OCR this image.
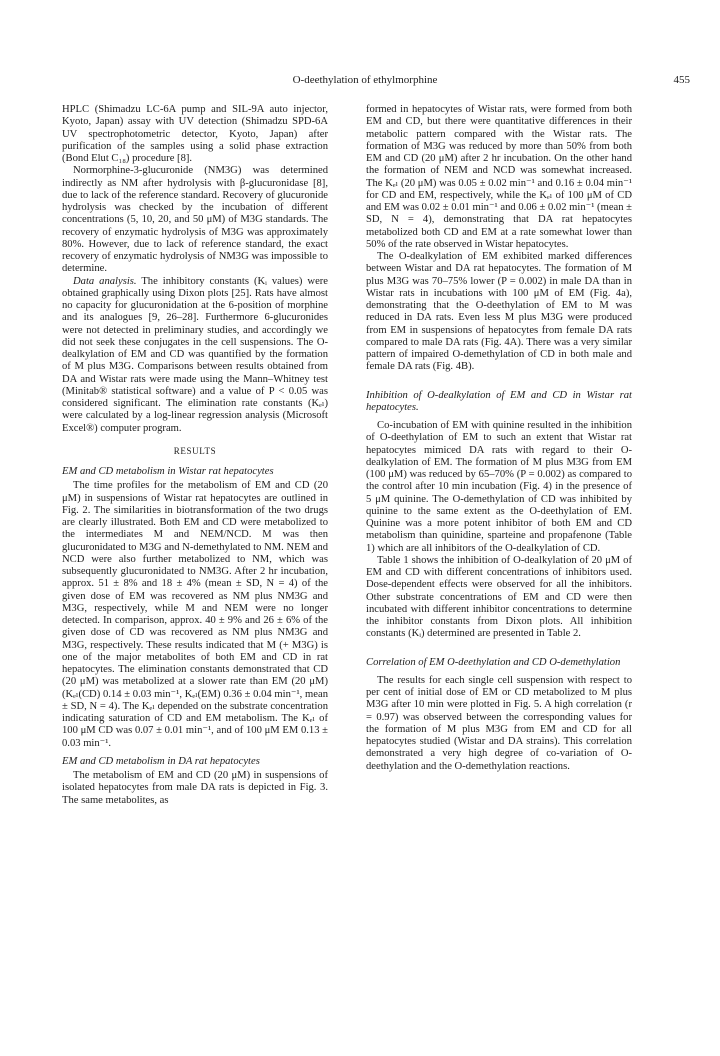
O-deethylation of ethylmorphine	455

HPLC (Shimadzu LC-6A pump and SIL-9A auto injector, Kyoto, Japan) assay with UV detection (Shimadzu SPD-6A UV spectrophotometric detector, Kyoto, Japan) after purification of the samples using a solid phase extraction (Bond Elut C₁₈) procedure [8].

Normorphine-3-glucuronide (NM3G) was determined indirectly as NM after hydrolysis with β-glucuronidase [8], due to lack of the reference standard. Recovery of glucuronide hydrolysis was checked by the incubation of different concentrations (5, 10, 20, and 50 μM) of M3G standards. The recovery of enzymatic hydrolysis of M3G was approximately 80%. However, due to lack of reference standard, the exact recovery of enzymatic hydrolysis of NM3G was impossible to determine.

Data analysis. The inhibitory constants (Kᵢ values) were obtained graphically using Dixon plots [25]. Rats have almost no capacity for glucuronidation at the 6-position of morphine and its analogues [9, 26–28]. Furthermore 6-glucuronides were not detected in preliminary studies, and accordingly we did not seek these conjugates in the cell suspensions. The O-dealkylation of EM and CD was quantified by the formation of M plus M3G. Comparisons between results obtained from DA and Wistar rats were made using the Mann–Whitney test (Minitab® statistical software) and a value of P < 0.05 was considered significant. The elimination rate constants (Kₑₗ) were calculated by a log-linear regression analysis (Microsoft Excel®) computer program.

RESULTS
EM and CD metabolism in Wistar rat hepatocytes

The time profiles for the metabolism of EM and CD (20 μM) in suspensions of Wistar rat hepatocytes are outlined in Fig. 2. The similarities in biotransformation of the two drugs are clearly illustrated. Both EM and CD were metabolized to the intermediates M and NEM/NCD. M was then glucuronidated to M3G and N-demethylated to NM. NEM and NCD were also further metabolized to NM, which was subsequently glucuronidated to NM3G. After 2 hr incubation, approx. 51 ± 8% and 18 ± 4% (mean ± SD, N = 4) of the given dose of EM was recovered as NM plus NM3G and M3G, respectively, while M and NEM were no longer detected. In comparison, approx. 40 ± 9% and 26 ± 6% of the given dose of CD was recovered as NM plus NM3G and M3G, respectively. These results indicated that M (+ M3G) is one of the major metabolites of both EM and CD in rat hepatocytes. The elimination constants demonstrated that CD (20 μM) was metabolized at a slower rate than EM (20 μM) (Kₑₗ(CD) 0.14 ± 0.03 min⁻¹, Kₑₗ(EM) 0.36 ± 0.04 min⁻¹, mean ± SD, N = 4). The Kₑₗ depended on the substrate concentration indicating saturation of CD and EM metabolism. The Kₑₗ of 100 μM CD was 0.07 ± 0.01 min⁻¹, and of 100 μM EM 0.13 ± 0.03 min⁻¹.

EM and CD metabolism in DA rat hepatocytes

The metabolism of EM and CD (20 μM) in suspensions of isolated hepatocytes from male DA rats is depicted in Fig. 3. The same metabolites, as

formed in hepatocytes of Wistar rats, were formed from both EM and CD, but there were quantitative differences in their metabolic pattern compared with the Wistar rats. The formation of M3G was reduced by more than 50% from both EM and CD (20 μM) after 2 hr incubation. On the other hand the formation of NEM and NCD was somewhat increased. The Kₑₗ (20 μM) was 0.05 ± 0.02 min⁻¹ and 0.16 ± 0.04 min⁻¹ for CD and EM, respectively, while the Kₑₗ of 100 μM of CD and EM was 0.02 ± 0.01 min⁻¹ and 0.06 ± 0.02 min⁻¹ (mean ± SD, N = 4), demonstrating that DA rat hepatocytes metabolized both CD and EM at a rate somewhat lower than 50% of the rate observed in Wistar hepatocytes.

The O-dealkylation of EM exhibited marked differences between Wistar and DA rat hepatocytes. The formation of M plus M3G was 70–75% lower (P = 0.002) in male DA than in Wistar rats in incubations with 100 μM of EM (Fig. 4a), demonstrating that the O-deethylation of EM to M was reduced in DA rats. Even less M plus M3G were produced from EM in suspensions of hepatocytes from female DA rats compared to male DA rats (Fig. 4A). There was a very similar pattern of impaired O-demethylation of CD in both male and female DA rats (Fig. 4B).

Inhibition of O-dealkylation of EM and CD in Wistar rat hepatocytes.

Co-incubation of EM with quinine resulted in the inhibition of O-deethylation of EM to such an extent that Wistar rat hepatocytes mimiced DA rats with regard to their O-dealkylation of EM. The formation of M plus M3G from EM (100 μM) was reduced by 65–70% (P = 0.002) as compared to the control after 10 min incubation (Fig. 4) in the presence of 5 μM quinine. The O-demethylation of CD was inhibited by quinine to the same extent as the O-deethylation of EM. Quinine was a more potent inhibitor of both EM and CD metabolism than quinidine, sparteine and propafenone (Table 1) which are all inhibitors of the O-dealkylation of CD.

Table 1 shows the inhibition of O-dealkylation of 20 μM of EM and CD with different concentrations of inhibitors used. Dose-dependent effects were observed for all the inhibitors. Other substrate concentrations of EM and CD were then incubated with different inhibitor concentrations to determine the inhibitor constants from Dixon plots. All inhibition constants (Kᵢ) determined are presented in Table 2.

Correlation of EM O-deethylation and CD O-demethylation

The results for each single cell suspension with respect to per cent of initial dose of EM or CD metabolized to M plus M3G after 10 min were plotted in Fig. 5. A high correlation (r = 0.97) was observed between the corresponding values for the formation of M plus M3G from EM and CD for all hepatocytes studied (Wistar and DA strains). This correlation demonstrated a very high degree of co-variation of O-deethylation and the O-demethylation reactions.
